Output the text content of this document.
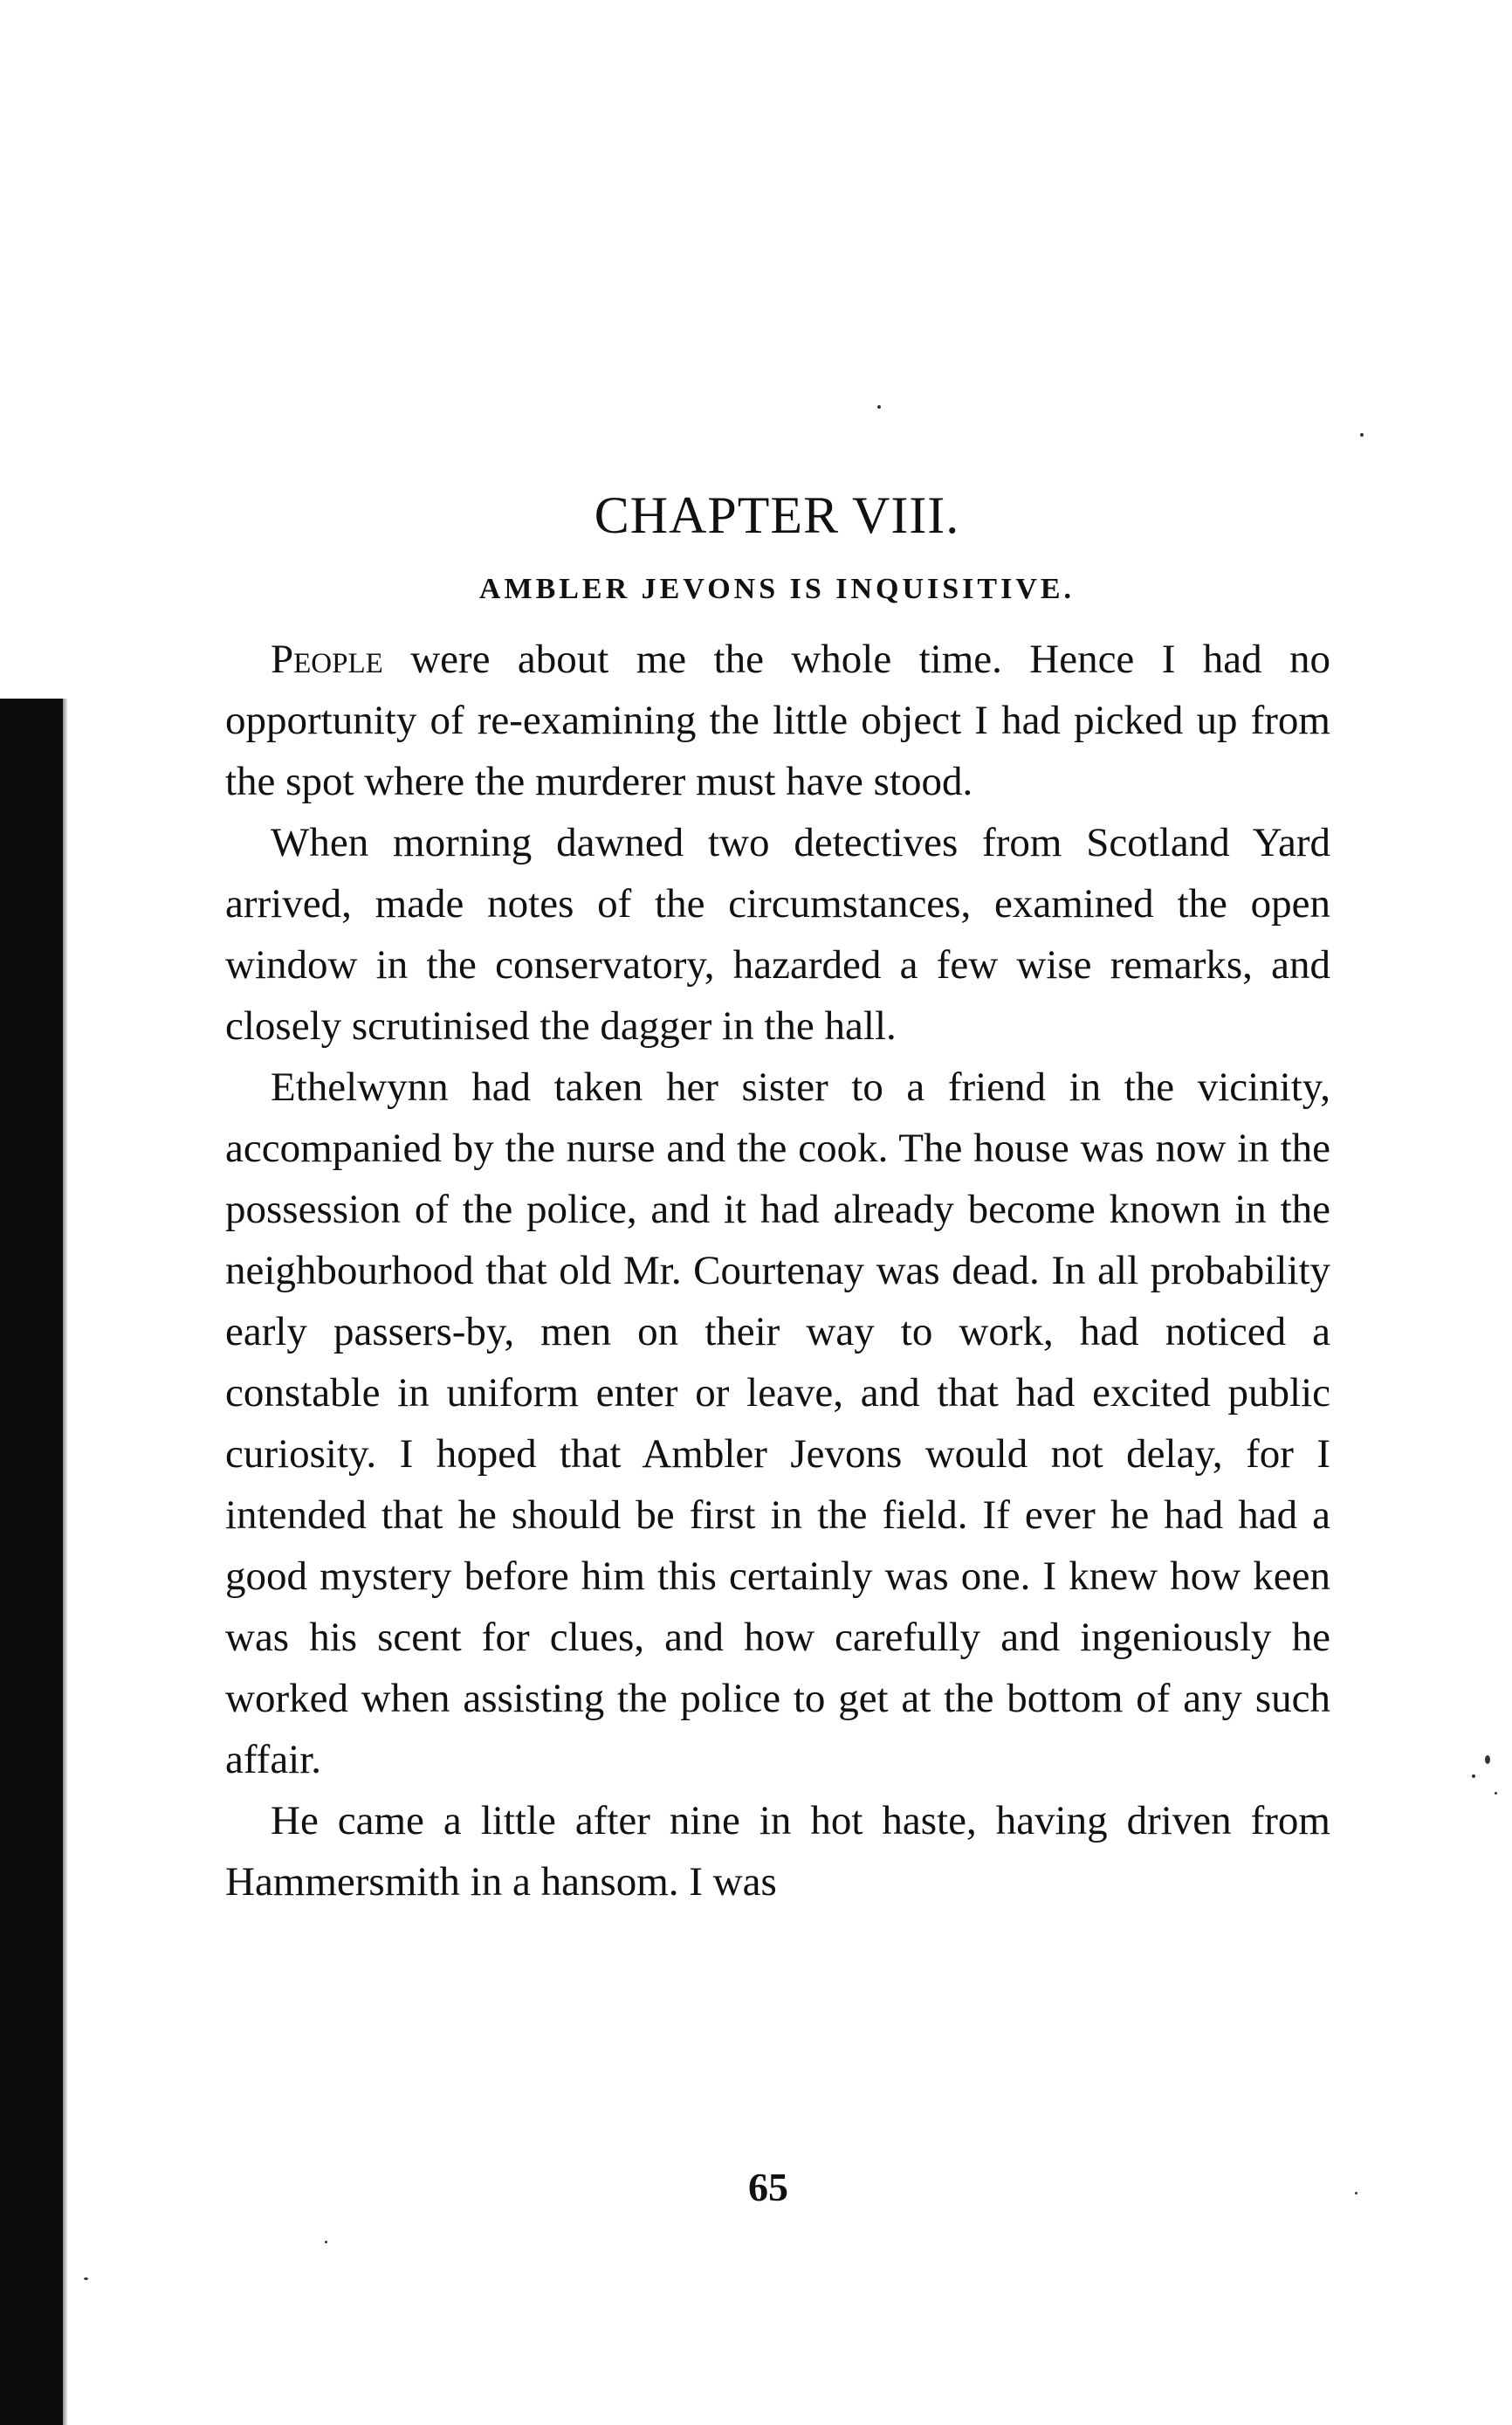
CHAPTER VIII.
AMBLER JEVONS IS INQUISITIVE.

People were about me the whole time. Hence I had no opportunity of re-examining the little object I had picked up from the spot where the murderer must have stood.

When morning dawned two detectives from Scotland Yard arrived, made notes of the circumstances, examined the open window in the conservatory, hazarded a few wise remarks, and closely scrutinised the dagger in the hall.

Ethelwynn had taken her sister to a friend in the vicinity, accompanied by the nurse and the cook. The house was now in the possession of the police, and it had already become known in the neighbourhood that old Mr. Courtenay was dead. In all probability early passers-by, men on their way to work, had noticed a constable in uniform enter or leave, and that had excited public curiosity. I hoped that Ambler Jevons would not delay, for I intended that he should be first in the field. If ever he had had a good mystery before him this certainly was one. I knew how keen was his scent for clues, and how carefully and ingeniously he worked when assisting the police to get at the bottom of any such affair.

He came a little after nine in hot haste, having driven from Hammersmith in a hansom. I was

65
